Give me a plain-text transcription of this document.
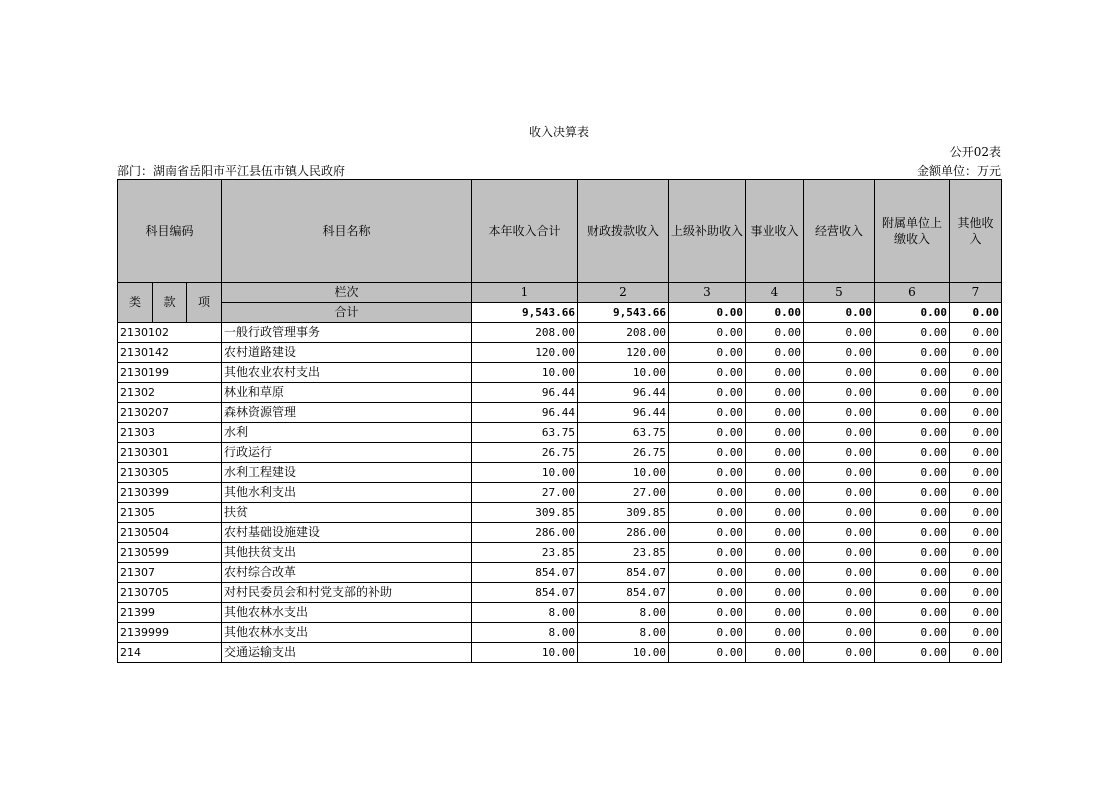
收入决算表
公开02表
部门：湖南省岳阳市平江县伍市镇人民政府	金额单位：万元
科目编码			科目名称	本年收入合计	财政拨款收入	上级补助收入	事业收入	经营收入	附属单位上缴收入	其他收入
类	款	项	栏次	1	2	3	4	5	6	7
			合计	9,543.66	9,543.66	0.00	0.00	0.00	0.00	0.00
2130102			一般行政管理事务	208.00	208.00	0.00	0.00	0.00	0.00	0.00
2130142			农村道路建设	120.00	120.00	0.00	0.00	0.00	0.00	0.00
2130199			其他农业农村支出	10.00	10.00	0.00	0.00	0.00	0.00	0.00
21302			林业和草原	96.44	96.44	0.00	0.00	0.00	0.00	0.00
2130207			森林资源管理	96.44	96.44	0.00	0.00	0.00	0.00	0.00
21303			水利	63.75	63.75	0.00	0.00	0.00	0.00	0.00
2130301			行政运行	26.75	26.75	0.00	0.00	0.00	0.00	0.00
2130305			水利工程建设	10.00	10.00	0.00	0.00	0.00	0.00	0.00
2130399			其他水利支出	27.00	27.00	0.00	0.00	0.00	0.00	0.00
21305			扶贫	309.85	309.85	0.00	0.00	0.00	0.00	0.00
2130504			农村基础设施建设	286.00	286.00	0.00	0.00	0.00	0.00	0.00
2130599			其他扶贫支出	23.85	23.85	0.00	0.00	0.00	0.00	0.00
21307			农村综合改革	854.07	854.07	0.00	0.00	0.00	0.00	0.00
2130705			对村民委员会和村党支部的补助	854.07	854.07	0.00	0.00	0.00	0.00	0.00
21399			其他农林水支出	8.00	8.00	0.00	0.00	0.00	0.00	0.00
2139999			其他农林水支出	8.00	8.00	0.00	0.00	0.00	0.00	0.00
214			交通运输支出	10.00	10.00	0.00	0.00	0.00	0.00	0.00
